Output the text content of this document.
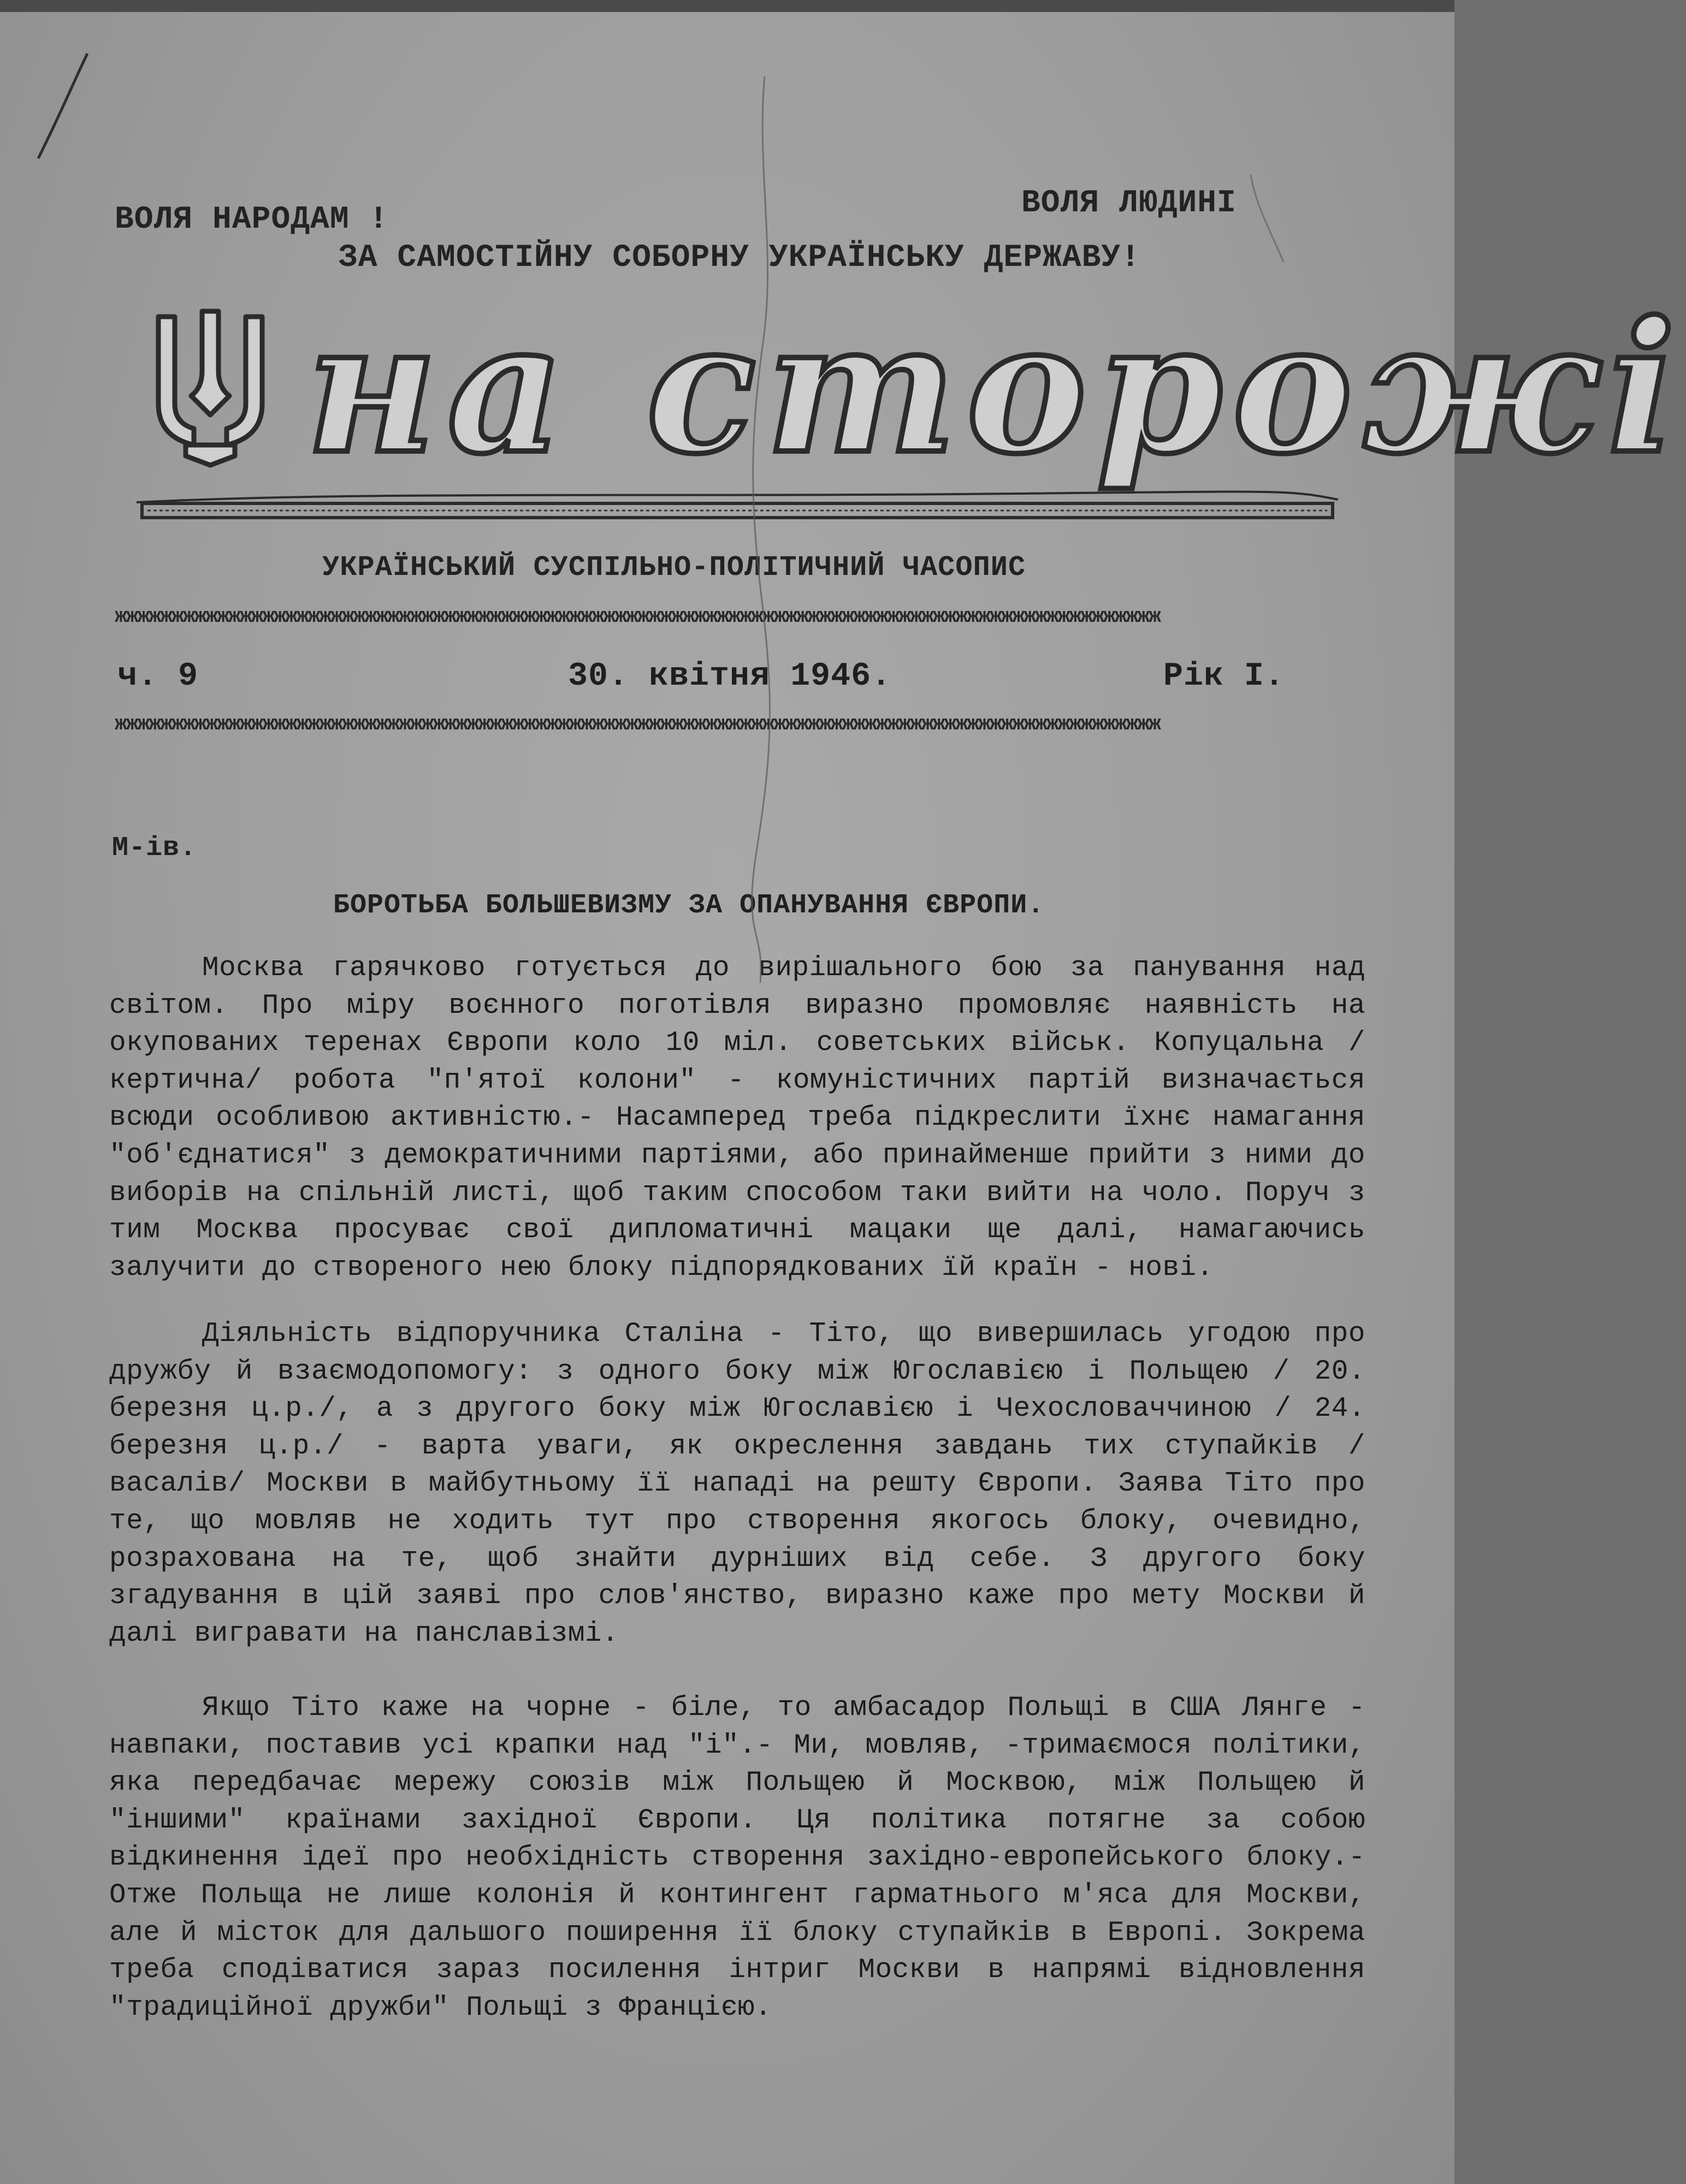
ВОЛЯ НАРОДАМ !	ВОЛЯ ЛЮДИНІ
ЗА САМОСТІЙНУ СОБОРНУ УКРАЇНСЬКУ ДЕРЖАВУ!
на сторожі
УКРАЇНСЬКИЙ СУСПІЛЬНО-ПОЛІТИЧНИЙ ЧАСОПИС
жжжжжжжжжжжжжжжжжжжжжжжжжжжжжжжжжжжжжжжжжжжжжжжжжжжжжжжжжжжжжжжжжжжжжжжжжжжжжжжжжжжжжжжжжжжж
ч. 9	30. квітня 1946.	Рік I.
жжжжжжжжжжжжжжжжжжжжжжжжжжжжжжжжжжжжжжжжжжжжжжжжжжжжжжжжжжжжжжжжжжжжжжжжжжжжжжжжжжжжжжжжжжжж
М-ів.
БОРОТЬБА БОЛЬШЕВИЗМУ ЗА ОПАНУВАННЯ ЄВРОПИ.
Москва гарячково готується до вирішального бою за панування над світом. Про міру воєнного поготівля виразно промовляє наявність на окупованих теренах Європи коло 10 міл. советських військ. Копуцальна /кертична/ робота "п'ятої колони" - комуністичних партій визначається всюди особливою активністю.- Насамперед треба підкреслити їхнє намагання "об'єднатися" з демократичними партіями, або принайменше прийти з ними до виборів на спільній листі, щоб таким способом таки вийти на чоло. Поруч з тим Москва просуває свої дипломатичні мацаки ще далі, намагаючись залучити до створеного нею блоку підпорядкованих їй країн - нові.
Діяльність відпоручника Сталіна - Тіто, що вивершилась угодою про дружбу й взаємодопомогу: з одного боку між Югославією і Польщею / 20. березня ц.р./, а з другого боку між Югославією і Чехословаччиною / 24. березня ц.р./ - варта уваги, як окреслення завдань тих ступайків / васалів/ Москви в майбутньому її нападі на решту Європи. Заява Тіто про те, що мовляв не ходить тут про створення якогось блоку, очевидно, розрахована на те, щоб знайти дурніших від себе. З другого боку згадування в цій заяві про слов'янство, виразно каже про мету Москви й далі вигравати на панславізмі.
Якщо Тіто каже на чорне - біле, то амбасадор Польщі в США Лянге - навпаки, поставив усі крапки над "і".- Ми, мовляв, -тримаємося політики, яка передбачає мережу союзів між Польщею й Москвою, між Польщею й "іншими" країнами західної Європи. Ця політика потягне за собою відкинення ідеї про необхідність створення західно-европейського блоку.- Отже Польща не лише колонія й контингент гарматнього м'яса для Москви, але й місток для дальшого поширення її блоку ступайків в Европі. Зокрема треба сподіватися зараз посилення інтриг Москви в напрямі відновлення "традиційної дружби" Польщі з Францією.
